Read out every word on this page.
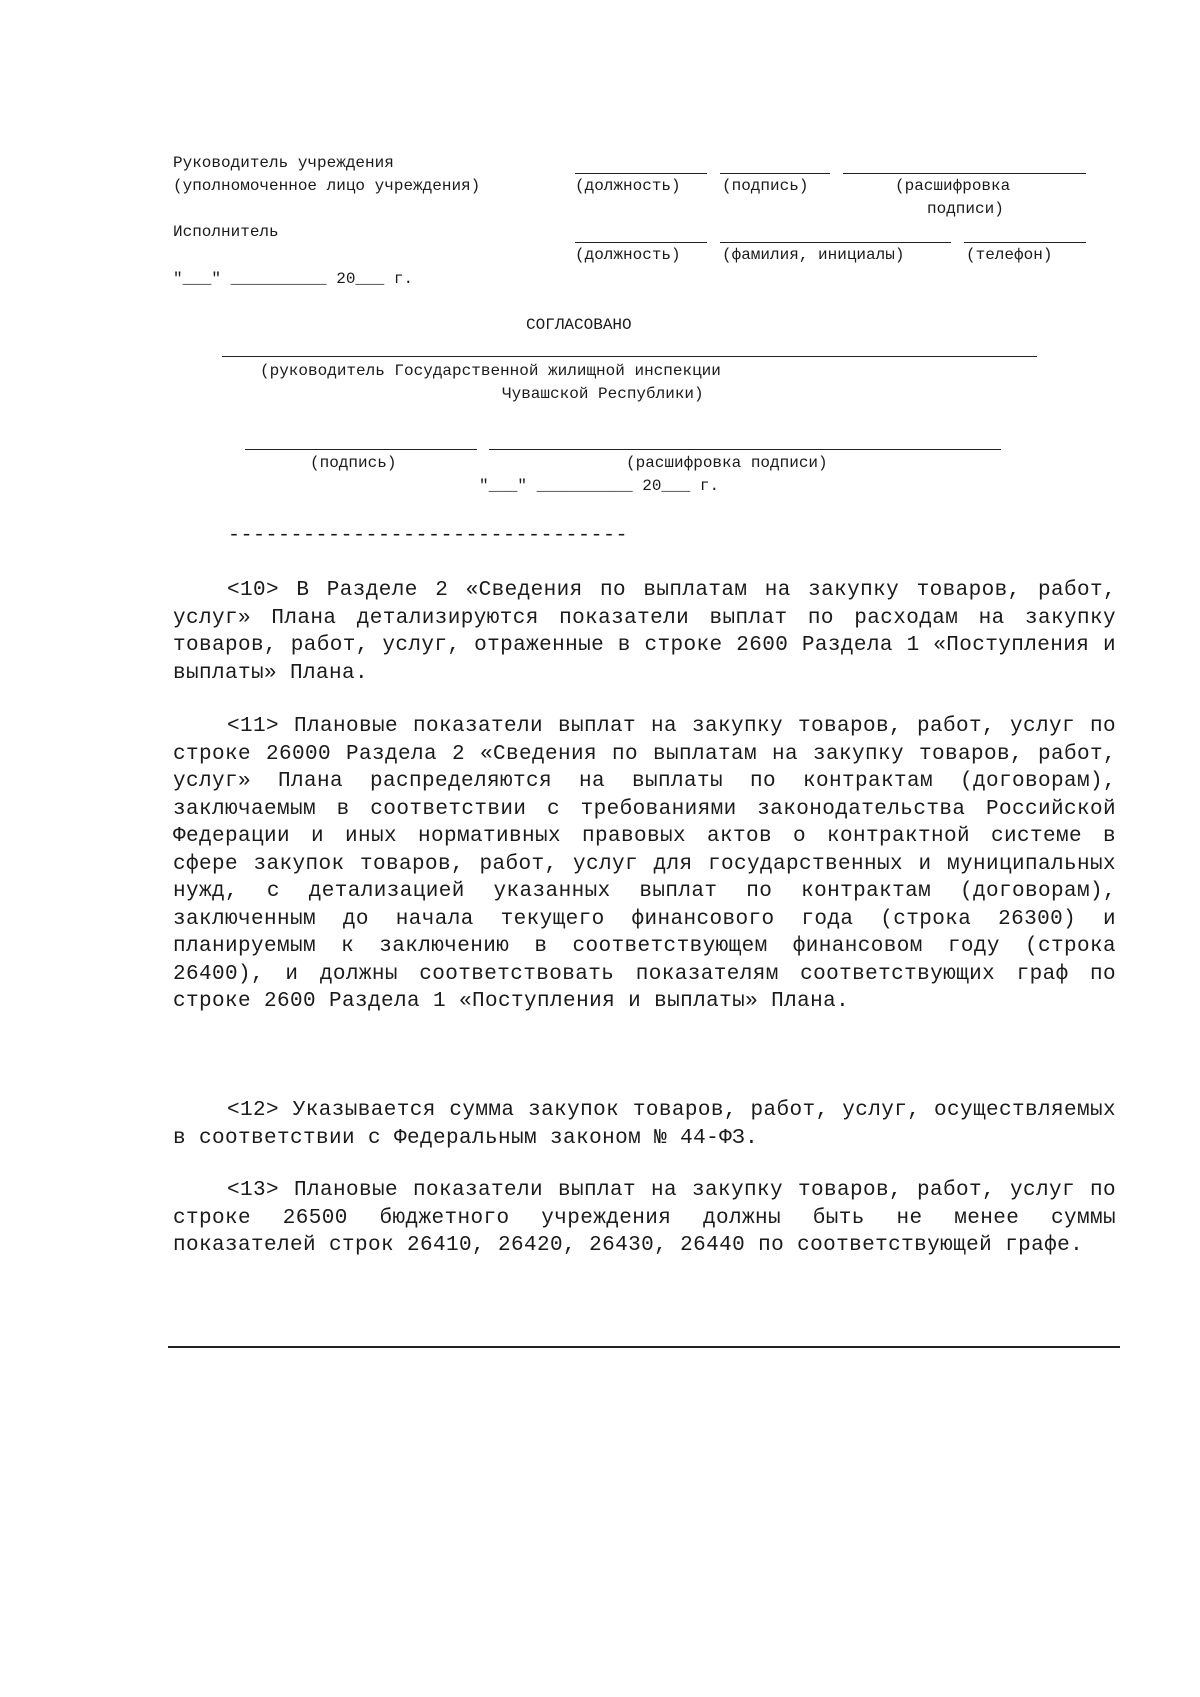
Руководитель учреждения
(уполномоченное лицо учреждения)	(должность)	(подпись)	(расшифровка
подписи)
Исполнитель
(должность)	(фамилия, инициалы)	(телефон)
"___" __________ 20___ г.
СОГЛАСОВАНО
(руководитель Государственной жилищной инспекции
Чувашской Республики)
(подпись)	(расшифровка подписи)
"___" __________ 20___ г.
--------------------------------

<10> В Разделе 2 «Сведения по выплатам на закупку товаров, работ, услуг» Плана детализируются показатели выплат по расходам на закупку товаров, работ, услуг, отраженные в строке 2600 Раздела 1 «Поступления и выплаты» Плана.

<11> Плановые показатели выплат на закупку товаров, работ, услуг по строке 26000 Раздела 2 «Сведения по выплатам на закупку товаров, работ, услуг» Плана распределяются на выплаты по контрактам (договорам), заключаемым в соответствии с требованиями законодательства Российской Федерации и иных нормативных правовых актов о контрактной системе в сфере закупок товаров, работ, услуг для государственных и муниципальных нужд, с детализацией указанных выплат по контрактам (договорам), заключенным до начала текущего финансового года (строка 26300) и планируемым к заключению в соответствующем финансовом году (строка 26400), и должны соответствовать показателям соответствующих граф по строке 2600 Раздела 1 «Поступления и выплаты» Плана.

<12> Указывается сумма закупок товаров, работ, услуг, осуществляемых в соответствии с Федеральным законом № 44-ФЗ.

<13> Плановые показатели выплат на закупку товаров, работ, услуг по строке 26500 бюджетного учреждения должны быть не менее суммы показателей строк 26410, 26420, 26430, 26440 по соответствующей графе.
